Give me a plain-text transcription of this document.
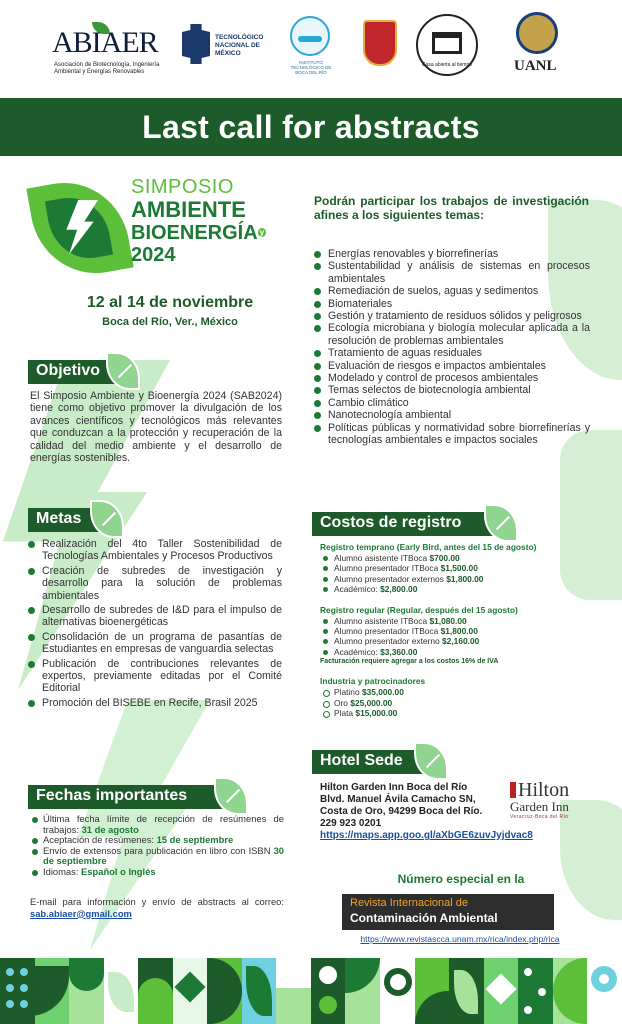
ABIAER
Asociación de Biotecnología, Ingeniería Ambiental y Energías Renovables
TECNOLÓGICO NACIONAL DE MÉXICO
INSTITUTO TECNOLÓGICO DE BOCA DEL RÍO
Casa abierta al tiempo	UANL
Last call for abstracts
SIMPOSIO
AMBIENTE
BIOENERGÍA $^y$
2024
12 al 14 de noviembre
Boca del Río, Ver., México
Objetivo

El Simposio Ambiente y Bioenergía 2024 (SAB2024) tiene como objetivo promover la divulgación de los avances científicos y tecnológicos más relevantes que conduzcan a la protección y recuperación de la calidad del medio ambiente y el desarrollo de energías sostenibles.

Metas
Realización del 4to Taller Sostenibilidad de Tecnologías Ambientales y Procesos Productivos
Creación de subredes de investigación y desarrollo para la solución de problemas ambientales
Desarrollo de subredes de I&D para el impulso de alternativas bioenergéticas
Consolidación de un programa de pasantías de Estudiantes en empresas de vanguardia selectas
Publicación de contribuciones relevantes de expertos, previamente editadas por el Comité Editorial
Promoción del BISEBE en Recife, Brasil 2025
Fechas importantes
Última fecha límite de recepción de resúmenes de trabajos: 31 de agosto
Aceptación de resúmenes: 15 de septiembre
Envío de extensos para publicación en libro con ISBN 30 de septiembre
Idiomas: Español o Inglés

E-mail para información y envío de abstracts al correo: sab.abiaer@gmail.com

Podrán participar los trabajos de investigación afines a los siguientes temas:

Energías renovables y biorrefinerías
Sustentabilidad y análisis de sistemas en procesos ambientales
Remediación de suelos, aguas y sedimentos
Biomateriales
Gestión y tratamiento de residuos sólidos y peligrosos
Ecología microbiana y biología molecular aplicada a la resolución de problemas ambientales
Tratamiento de aguas residuales
Evaluación de riesgos e impactos ambientales
Modelado y control de procesos ambientales
Temas selectos de biotecnología ambiental
Cambio climático
Nanotecnología ambiental
Políticas públicas y normatividad sobre biorrefinerías y tecnologías ambientales e impactos sociales
Costos de registro
Registro temprano (Early Bird, antes del 15 de agosto)
Alumno asistente ITBoca $700.00
Alumno presentador ITBoca $1,500.00
Alumno presentador externos $1,800.00
Académico: $2,800.00
Registro regular (Regular, después del 15 agosto)
Alumno asistente ITBoca $1,080.00
Alumno presentador ITBoca $1,800.00
Alumno presentador externo $2,160.00
Académico: $3,360.00
Facturación requiere agregar a los costos 16% de IVA
Industria y patrocinadores
Platino $35,000.00
Oro $25,000.00
Plata $15,000.00
Hotel Sede
Hilton Garden Inn Boca del Río
Blvd. Manuel Ávila Camacho SN,
Costa de Oro, 94299 Boca del Río.
229 923 0201
https://maps.app.goo.gl/aXbGE6zuvJyjdvac8
Hilton
Garden Inn
Veracruz-Boca del Río
Número especial en la
Revista Internacional de
Contaminación Ambiental
https://www.revistascca.unam.mx/rica/index.php/rica
